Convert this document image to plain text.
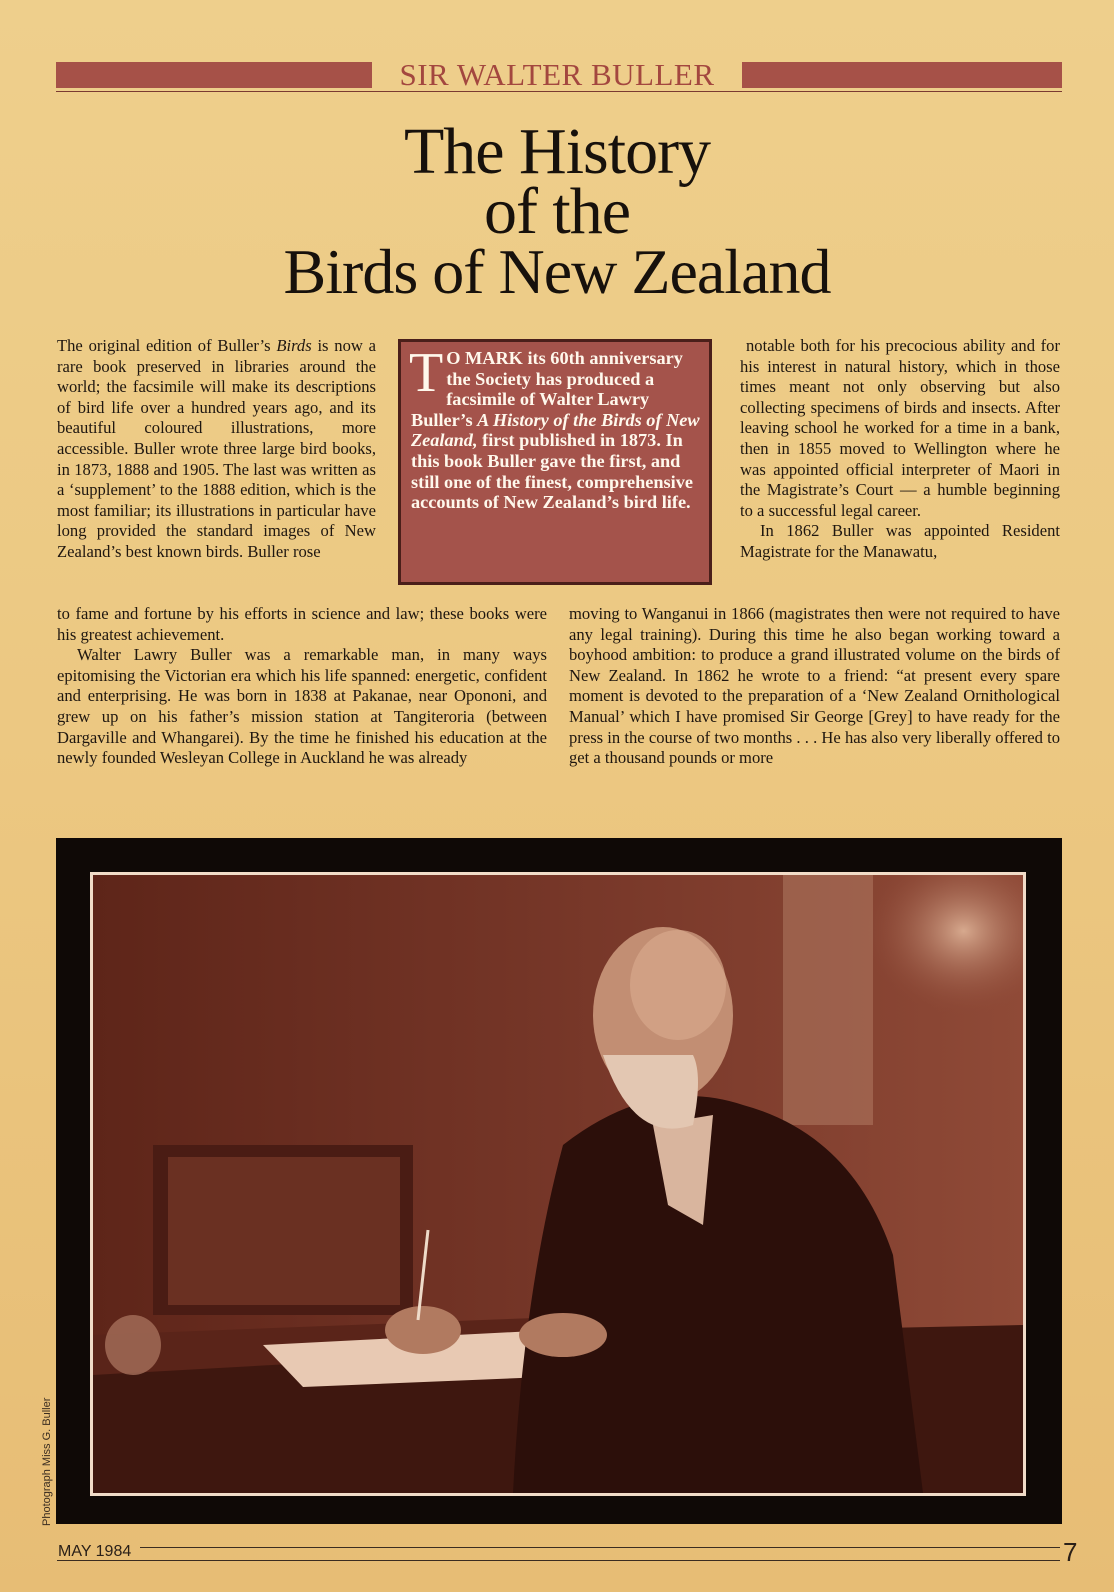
SIR WALTER BULLER
The History
of the
Birds of New Zealand

The original edition of Buller’s Birds is now a rare book preserved in libraries around the world; the facsimile will make its descriptions of bird life over a hundred years ago, and its beautiful coloured illustrations, more accessible. Buller wrote three large bird books, in 1873, 1888 and 1905. The last was written as a ‘supplement’ to the 1888 edition, which is the most familiar; its illustrations in particular have long provided the standard images of New Zealand’s best known birds. Buller rose

T O MARK its 60th anniversary the Society has produced a facsimile of Walter Lawry Buller’s A History of the Birds of New Zealand, first published in 1873. In this book Buller gave the first, and still one of the finest, comprehensive accounts of New Zealand’s bird life.

notable both for his precocious ability and for his interest in natural history, which in those times meant not only observing but also collecting specimens of birds and insects. After leaving school he worked for a time in a bank, then in 1855 moved to Wellington where he was appointed official interpreter of Maori in the Magistrate’s Court — a humble beginning to a successful legal career.

In 1862 Buller was appointed Resident Magistrate for the Manawatu,

to fame and fortune by his efforts in science and law; these books were his greatest achievement.

Walter Lawry Buller was a remarkable man, in many ways epitomising the Victorian era which his life spanned: energetic, confident and enterprising. He was born in 1838 at Pakanae, near Opononi, and grew up on his father’s mission station at Tangiteroria (between Dargaville and Whangarei). By the time he finished his education at the newly founded Wesleyan College in Auckland he was already

moving to Wanganui in 1866 (magistrates then were not required to have any legal training). During this time he also began working toward a boyhood ambition: to produce a grand illustrated volume on the birds of New Zealand. In 1862 he wrote to a friend: “at present every spare moment is devoted to the preparation of a ‘New Zealand Ornithological Manual’ which I have promised Sir George [Grey] to have ready for the press in the course of two months . . . He has also very liberally offered to get a thousand pounds or more

Photograph Miss G. Buller
MAY 1984	7
